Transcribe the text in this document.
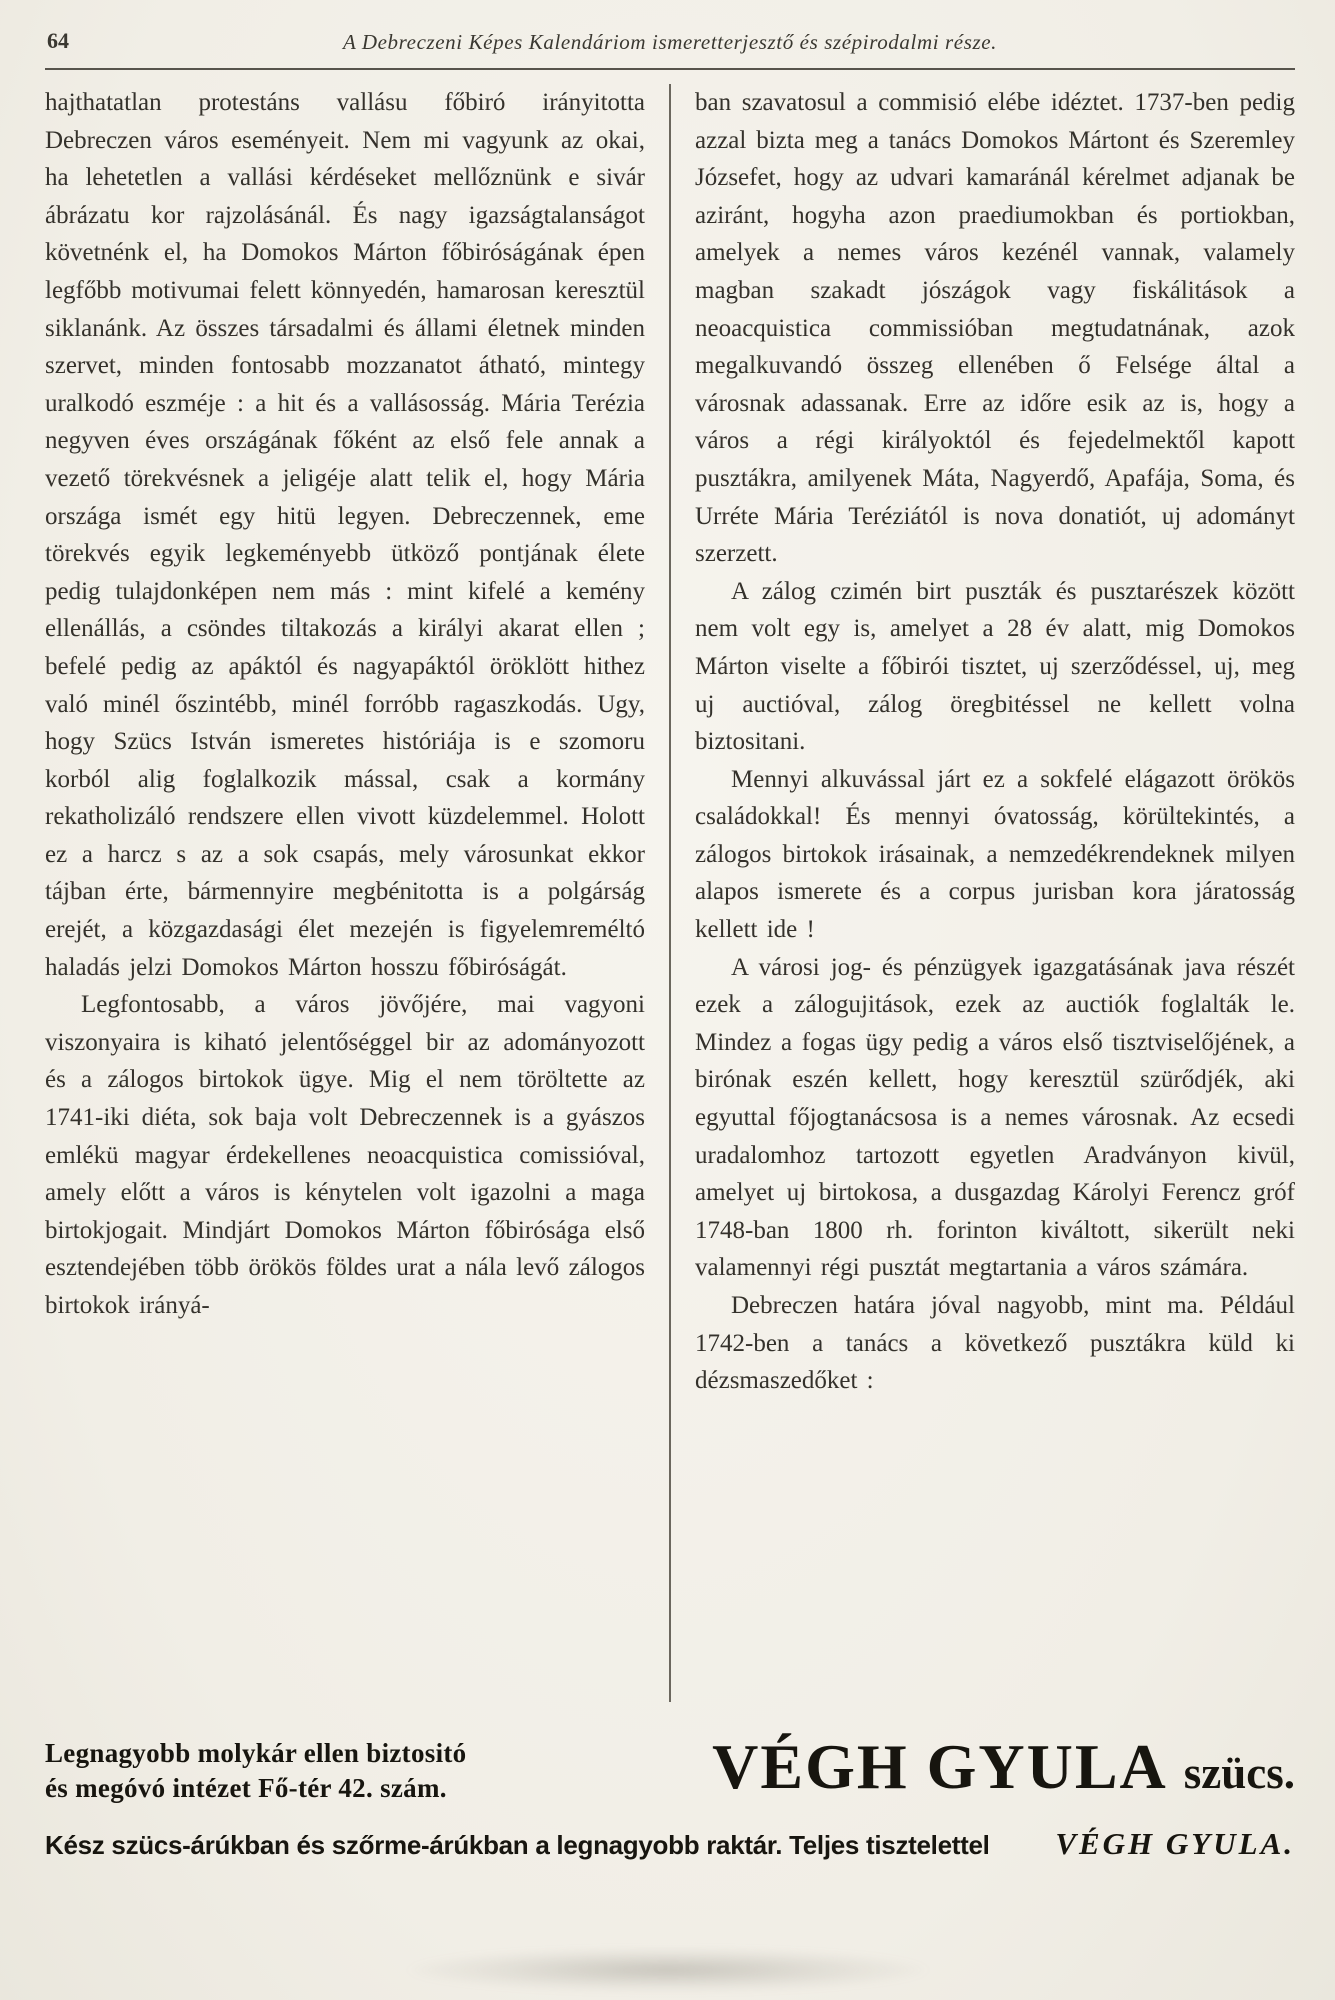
64	A Debreczeni Képes Kalendáriom ismeretterjesztő és szépirodalmi része.

hajthatatlan protestáns vallásu főbiró irányitotta Debreczen város eseményeit. Nem mi vagyunk az okai, ha lehetetlen a vallási kérdéseket mellőznünk e sivár ábrázatu kor rajzolásánál. És nagy igazságtalanságot követnénk el, ha Domokos Márton főbiróságának épen legfőbb motivumai felett könnyedén, hamarosan keresztül siklanánk. Az összes társadalmi és állami életnek minden szervet, minden fontosabb mozzanatot átható, mintegy uralkodó eszméje : a hit és a vallásosság. Mária Terézia negyven éves országának főként az első fele annak a vezető törekvésnek a jeligéje alatt telik el, hogy Mária országa ismét egy hitü legyen. Debreczennek, eme törekvés egyik legkeményebb ütköző pontjának élete pedig tulajdonképen nem más : mint kifelé a kemény ellenállás, a csöndes tiltakozás a királyi akarat ellen ; befelé pedig az apáktól és nagyapáktól öröklött hithez való minél őszintébb, minél forróbb ragaszkodás. Ugy, hogy Szücs István ismeretes históriája is e szomoru korból alig foglalkozik mással, csak a kormány rekatholizáló rendszere ellen vivott küzdelemmel. Holott ez a harcz s az a sok csapás, mely városunkat ekkor tájban érte, bármennyire megbénitotta is a polgárság erejét, a közgazdasági élet mezején is figyelemreméltó haladás jelzi Domokos Márton hosszu főbiróságát.

Legfontosabb, a város jövőjére, mai vagyoni viszonyaira is kiható jelentőséggel bir az adományozott és a zálogos birtokok ügye. Mig el nem töröltette az 1741-iki diéta, sok baja volt Debreczennek is a gyászos emlékü magyar érdekellenes neoacquistica comissióval, amely előtt a város is kénytelen volt igazolni a maga birtokjogait. Mindjárt Domokos Márton főbirósága első esztendejében több örökös földes urat a nála levő zálogos birtokok irányá-

ban szavatosul a commisió elébe idéztet. 1737-ben pedig azzal bizta meg a tanács Domokos Mártont és Szeremley Józsefet, hogy az udvari kamaránál kérelmet adjanak be aziránt, hogyha azon praediumokban és portiokban, amelyek a nemes város kezénél vannak, valamely magban szakadt jószágok vagy fiskálitások a neoacquistica commissióban megtudatnának, azok megalkuvandó összeg ellenében ő Felsége által a városnak adassanak. Erre az időre esik az is, hogy a város a régi királyoktól és fejedelmektől kapott pusztákra, amilyenek Máta, Nagyerdő, Apafája, Soma, és Urréte Mária Teréziától is nova donatiót, uj adományt szerzett.

A zálog czimén birt puszták és pusztarészek között nem volt egy is, amelyet a 28 év alatt, mig Domokos Márton viselte a főbirói tisztet, uj szerződéssel, uj, meg uj auctióval, zálog öregbitéssel ne kellett volna biztositani.

Mennyi alkuvással járt ez a sokfelé elágazott örökös családokkal! És mennyi óvatosság, körültekintés, a zálogos birtokok irásainak, a nemzedékrendeknek milyen alapos ismerete és a corpus jurisban kora járatosság kellett ide !

A városi jog- és pénzügyek igazgatásának java részét ezek a zálogujitások, ezek az auctiók foglalták le. Mindez a fogas ügy pedig a város első tisztviselőjének, a birónak eszén kellett, hogy keresztül szürődjék, aki egyuttal főjogtanácsosa is a nemes városnak. Az ecsedi uradalomhoz tartozott egyetlen Aradványon kivül, amelyet uj birtokosa, a dusgazdag Károlyi Ferencz gróf 1748-ban 1800 rh. forinton kiváltott, sikerült neki valamennyi régi pusztát megtartania a város számára.

Debreczen határa jóval nagyobb, mint ma. Például 1742-ben a tanács a következő pusztákra küld ki dézsmaszedőket :

Legnagyobb molykár ellen biztositó
és megóvó intézet Fő-tér 42. szám.	VÉGH GYULA szücs.
Kész szücs-árúkban és szőrme-árúkban a legnagyobb raktár. Teljes tisztelettel VÉGH GYULA.
